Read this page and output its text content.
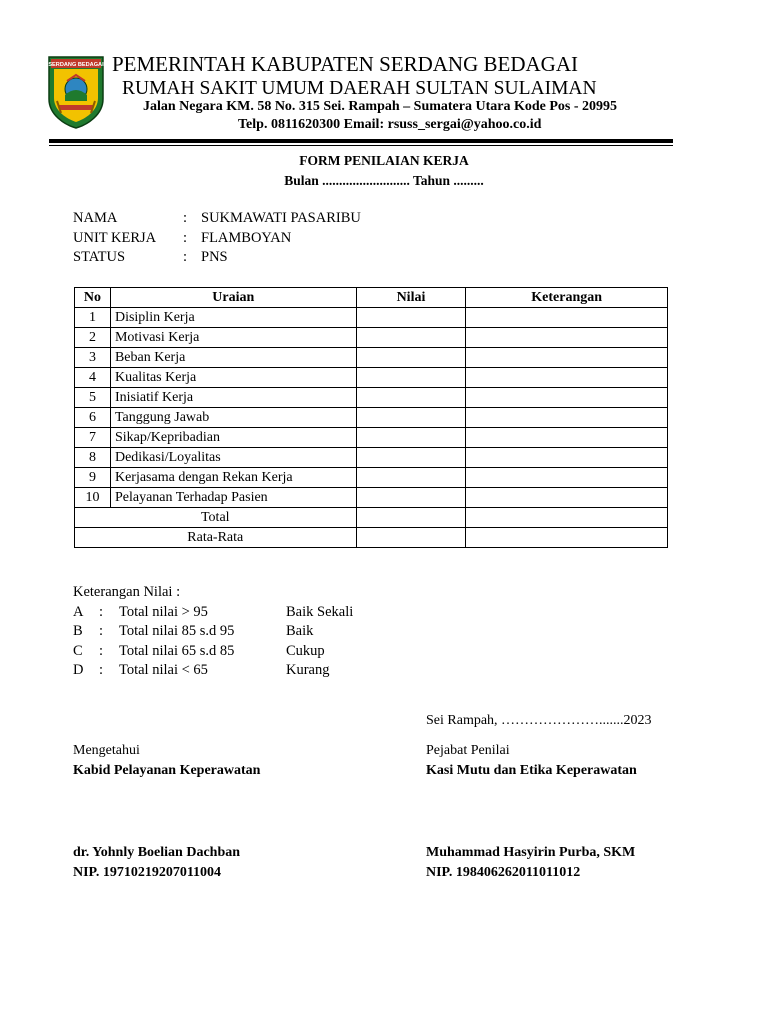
SERDANG BEDAGAI PEMERINTAH KABUPATEN SERDANG BEDAGAI
RUMAH SAKIT UMUM DAERAH SULTAN SULAIMAN
Jalan Negara KM. 58 No. 315 Sei. Rampah – Sumatera Utara Kode Pos - 20995
Telp. 0811620300 Email: rsuss_sergai@yahoo.co.id
FORM PENILAIAN KERJA
Bulan .......................... Tahun .........
NAMA	: SUKMAWATI PASARIBU
UNIT KERJA : FLAMBOYAN
STATUS	: PNS
No	Uraian	Nilai	Keterangan
1	Disiplin Kerja		
2	Motivasi Kerja		
3	Beban Kerja		
4	Kualitas Kerja		
5	Inisiatif Kerja		
6	Tanggung Jawab		
7	Sikap/Kepribadian		
8	Dedikasi/Loyalitas		
9	Kerjasama dengan Rekan Kerja		
10	Pelayanan Terhadap Pasien		
Total			
Rata-Rata			
Keterangan Nilai :
A : Total nilai > 95	Baik Sekali
B : Total nilai 85 s.d 95	Baik
C : Total nilai 65 s.d 85	Cukup
D : Total nilai < 65	Kurang
Sei Rampah, ………………….......2023
Mengetahui
Kabid Pelayanan Keperawatan
dr. Yohnly Boelian Dachban
NIP. 19710219207011004
Pejabat Penilai
Kasi Mutu dan Etika Keperawatan
Muhammad Hasyirin Purba, SKM
NIP. 198406262011011012
